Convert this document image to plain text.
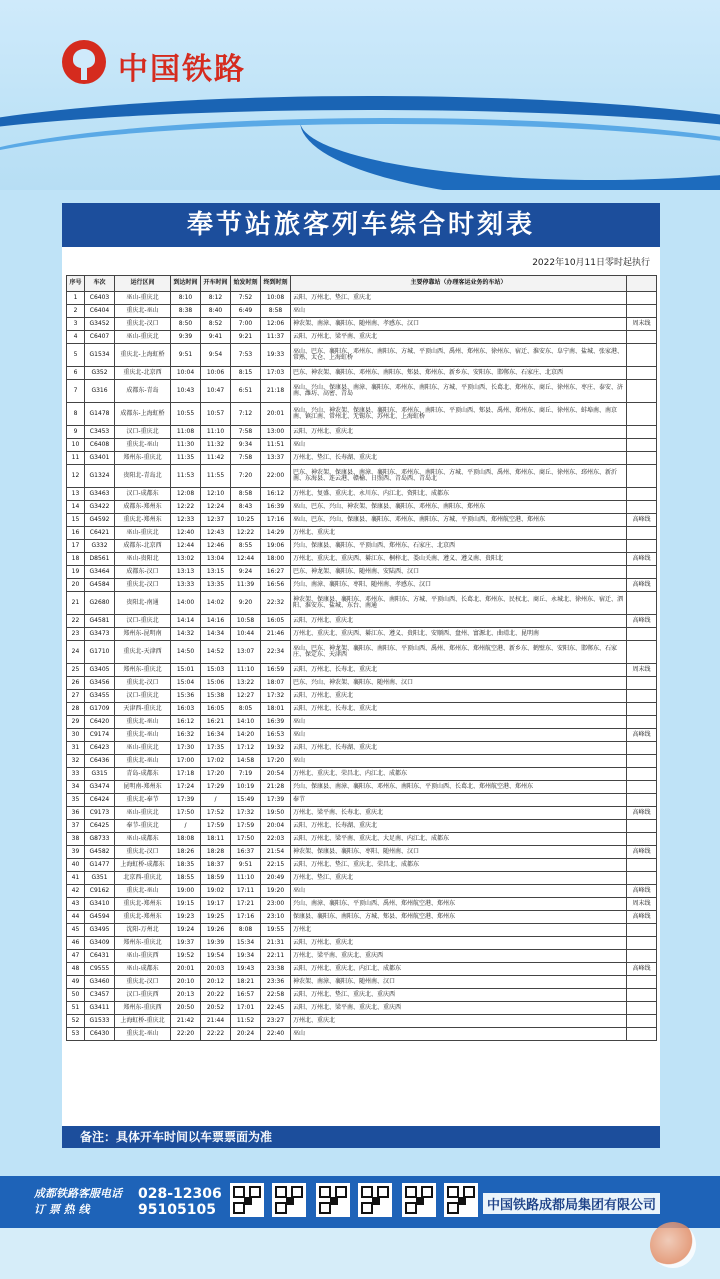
中国铁路
奉节站旅客列车综合时刻表
2022年10月11日零时起执行
序号	车次	运行区间	到达时间	开车时间	始发时刻	终到时刻	主要停靠站（办理客运业务的车站）	
1	C6403	巫山-重庆北	8:10	8:12	7:52	10:08	云阳、万州北、垫江、重庆北	
2	C6404	重庆北-巫山	8:38	8:40	6:49	8:58	巫山	
3	G3452	重庆北-汉口	8:50	8:52	7:00	12:06	神农架、南漳、襄阳东、随州南、孝感东、汉口	周末线
4	C6407	巫山-重庆北	9:39	9:41	9:21	11:37	云阳、万州北、梁平南、重庆北	
5	G1534	重庆北-上海虹桥	9:51	9:54	7:53	19:33	巫山、巴东、襄阳东、邓州东、南阳东、方城、平顶山西、禹州、郑州东、徐州东、宿迁、淮安东、阜宁南、盐城、张家港、常熟、太仓、上海虹桥	
6	G352	重庆北-北京西	10:04	10:06	8:15	17:03	巴东、神农架、襄阳东、邓州东、南阳东、郏县、郑州东、新乡东、安阳东、邯郸东、石家庄、北京西	
7	G316	成都东-青岛	10:43	10:47	6:51	21:18	巫山、兴山、保康县、南漳、襄阳东、邓州东、南阳东、方城、平顶山西、长葛北、郑州东、商丘、徐州东、枣庄、泰安、济南、潍坊、高密、青岛	
8	G1478	成都东-上海虹桥	10:55	10:57	7:12	20:01	巫山、兴山、神农架、保康县、襄阳东、邓州东、南阳东、平顶山西、郏县、禹州、郑州东、商丘、徐州东、蚌埠南、南京南、镇江南、常州北、无锡东、苏州北、上海虹桥	
9	C3453	汉口-重庆北	11:08	11:10	7:58	13:00	云阳、万州北、重庆北	
10	C6408	重庆北-巫山	11:30	11:32	9:34	11:51	巫山	
11	G3401	郑州东-重庆北	11:35	11:42	7:58	13:37	万州北、垫江、长寿湖、重庆北	
12	G1324	贵阳北-青岛北	11:53	11:55	7:20	22:00	巴东、神农架、保康县、南漳、襄阳东、邓州东、南阳东、方城、平顶山西、禹州、郑州东、商丘、徐州东、邳州东、新沂南、东海县、连云港、赣榆、日照西、青岛西、青岛北	
13	G3463	汉口-成都东	12:08	12:10	8:58	16:12	万州北、复盛、重庆北、永川东、内江北、资阳北、成都东	
14	G3422	成都东-郑州东	12:22	12:24	8:43	16:39	巫山、巴东、兴山、神农架、保康县、襄阳东、邓州东、南阳东、郑州东	
15	G4592	重庆北-郑州东	12:33	12:37	10:25	17:16	巫山、巴东、兴山、保康县、襄阳东、邓州东、南阳东、方城、平顶山西、郑州航空港、郑州东	高峰线
16	C6421	巫山-重庆北	12:40	12:43	12:22	14:29	万州北、重庆北	
17	G332	成都东-北京西	12:44	12:46	8:55	19:06	兴山、保康县、襄阳东、平顶山西、郑州东、石家庄、北京西	
18	D8561	巫山-贵阳北	13:02	13:04	12:44	18:00	万州北、重庆北、重庆西、綦江东、桐梓北、娄山关南、遵义、遵义南、贵阳北	高峰线
19	G3464	成都东-汉口	13:13	13:15	9:24	16:27	巴东、神龙架、襄阳东、随州南、安陆西、汉口	
20	G4584	重庆北-汉口	13:33	13:35	11:39	16:56	兴山、南漳、襄阳东、枣阳、随州南、孝感东、汉口	高峰线
21	G2680	贵阳北-南通	14:00	14:02	9:20	22:32	神农架、保康县、襄阳东、邓州东、南阳东、方城、平顶山西、长葛北、郑州东、民权北、商丘、永城北、徐州东、宿迁、泗阳、淮安东、盐城、东台、南通	
22	G4581	汉口-重庆北	14:14	14:16	10:58	16:05	云阳、万州北、重庆北	高峰线
23	G3473	郑州东-昆明南	14:32	14:34	10:44	21:46	万州北、重庆北、重庆西、綦江东、遵义、贵阳北、安顺西、盘州、富源北、曲靖北、昆明南	
24	G1710	重庆北-天津西	14:50	14:52	13:07	22:34	巫山、巴东、神龙架、襄阳东、南阳东、平顶山西、禹州、郑州东、郑州航空港、新乡东、鹤壁东、安阳东、邯郸东、石家庄、保定东、天津西	
25	G3405	郑州东-重庆北	15:01	15:03	11:10	16:59	云阳、万州北、长寿北、重庆北	周末线
26	G3456	重庆北-汉口	15:04	15:06	13:22	18:07	巴东、兴山、神农架、襄阳东、随州南、汉口	
27	G3455	汉口-重庆北	15:36	15:38	12:27	17:32	云阳、万州北、重庆北	
28	G1709	天津西-重庆北	16:03	16:05	8:05	18:01	云阳、万州北、长寿北、重庆北	
29	C6420	重庆北-巫山	16:12	16:21	14:10	16:39	巫山	
30	C9174	重庆北-巫山	16:32	16:34	14:20	16:53	巫山	高峰线
31	C6423	巫山-重庆北	17:30	17:35	17:12	19:32	云阳、万州北、长寿湖、重庆北	
32	C6436	重庆北-巫山	17:00	17:02	14:58	17:20	巫山	
33	G315	青岛-成都东	17:18	17:20	7:19	20:54	万州北、重庆北、荣昌北、内江北、成都东	
34	G3474	昆明南-郑州东	17:24	17:29	10:19	21:28	兴山、保康县、南漳、襄阳东、邓州东、南阳东、平顶山西、长葛北、郑州航空港、郑州东	
35	C6424	重庆北-奉节	17:39	/	15:49	17:39	奉节	
36	C9173	巫山-重庆北	17:50	17:52	17:32	19:50	万州北、梁平南、长寿北、重庆北	高峰线
37	C6425	奉节-重庆北	/	17:59	17:59	20:04	云阳、万州北、长寿湖、重庆北	
38	G8733	巫山-成都东	18:08	18:11	17:50	22:03	云阳、万州北、梁平南、重庆北、大足南、内江北、成都东	
39	G4582	重庆北-汉口	18:26	18:28	16:37	21:54	神农架、保康县、襄阳东、枣阳、随州南、汉口	高峰线
40	G1477	上海虹桥-成都东	18:35	18:37	9:51	22:15	云阳、万州北、垫江、重庆北、荣昌北、成都东	
41	G351	北京西-重庆北	18:55	18:59	11:10	20:49	万州北、垫江、重庆北	
42	C9162	重庆北-巫山	19:00	19:02	17:11	19:20	巫山	高峰线
43	G3410	重庆北-郑州东	19:15	19:17	17:21	23:00	兴山、南漳、襄阳东、平顶山西、禹州、郑州航空港、郑州东	周末线
44	G4594	重庆北-郑州东	19:23	19:25	17:16	23:10	保康县、襄阳东、南阳东、方城、郏县、郑州航空港、郑州东	高峰线
45	G3495	沈阳-万州北	19:24	19:26	8:08	19:55	万州北	
46	G3409	郑州东-重庆北	19:37	19:39	15:34	21:31	云阳、万州北、重庆北	
47	C6431	巫山-重庆西	19:52	19:54	19:34	22:11	万州北、梁平南、重庆北、重庆西	
48	C9555	巫山-成都东	20:01	20:03	19:43	23:38	云阳、万州北、重庆北、内江北、成都东	高峰线
49	G3460	重庆北-汉口	20:10	20:12	18:21	23:36	神农架、南漳、襄阳东、随州南、汉口	
50	C3457	汉口-重庆西	20:13	20:22	16:57	22:58	云阳、万州北、垫江、重庆北、重庆西	
51	G3411	郑州东-重庆西	20:50	20:52	17:01	22:45	云阳、万州北、梁平南、重庆北、重庆西	
52	G1533	上海虹桥-重庆北	21:42	21:44	11:52	23:27	万州北、重庆北	
53	C6430	重庆北-巫山	22:20	22:22	20:24	22:40	巫山	
备注：具体开车时间以车票票面为准
成都铁路客服电话
订 票 热 线
028-12306
95105105	中国铁路成都局集团有限公司
